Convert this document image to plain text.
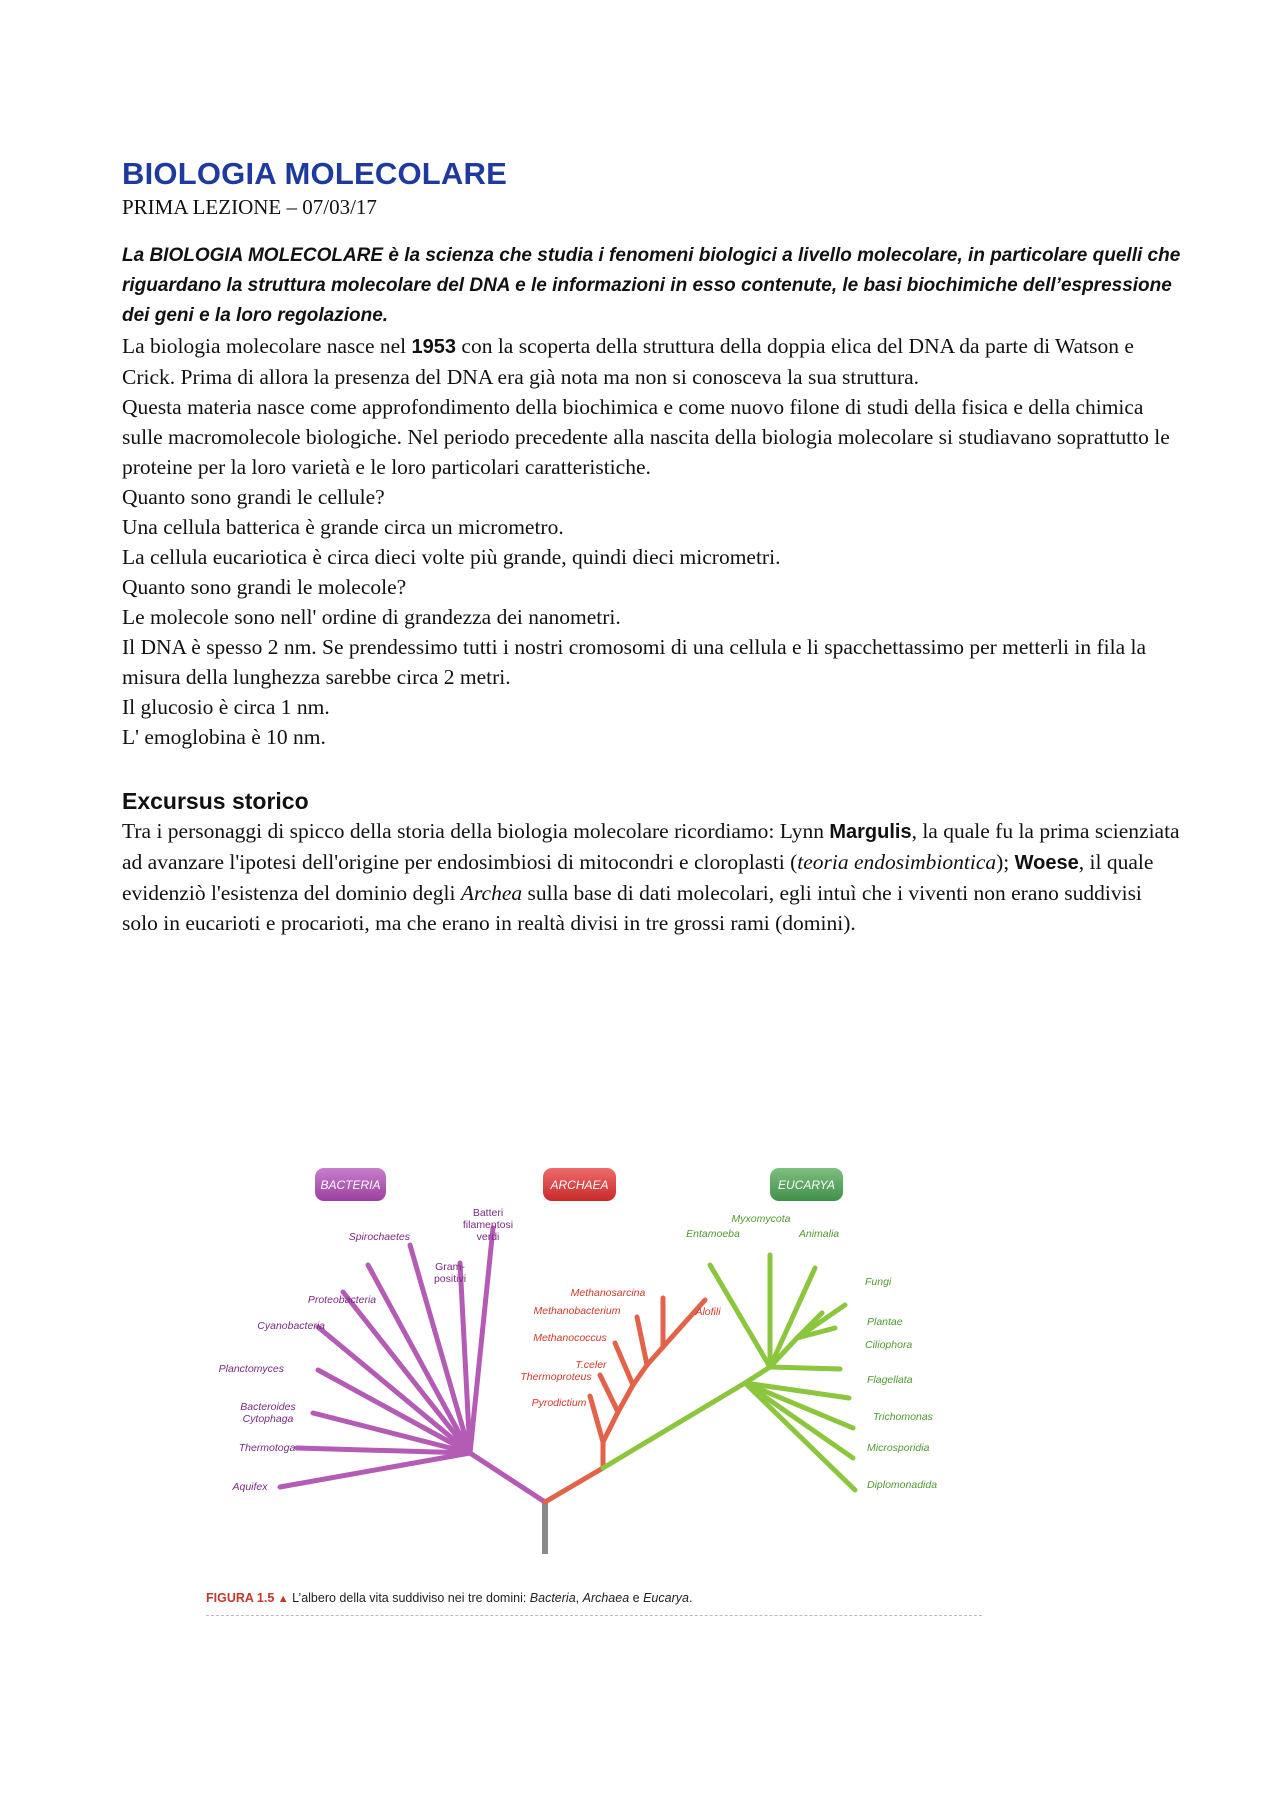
BIOLOGIA MOLECOLARE

PRIMA LEZIONE – 07/03/17

La BIOLOGIA MOLECOLARE è la scienza che studia i fenomeni biologici a livello molecolare, in particolare quelli che riguardano la struttura molecolare del DNA e le informazioni in esso contenute, le basi biochimiche dell’espressione dei geni e la loro regolazione.

La biologia molecolare nasce nel 1953 con la scoperta della struttura della doppia elica del DNA da parte di Watson e Crick. Prima di allora la presenza del DNA era già nota ma non si conosceva la sua struttura.

Questa materia nasce come approfondimento della biochimica e come nuovo filone di studi della fisica e della chimica sulle macromolecole biologiche. Nel periodo precedente alla nascita della biologia molecolare si studiavano soprattutto le proteine per la loro varietà e le loro particolari caratteristiche.

Quanto sono grandi le cellule?

Una cellula batterica è grande circa un micrometro.

La cellula eucariotica è circa dieci volte più grande, quindi dieci micrometri.

Quanto sono grandi le molecole?

Le molecole sono nell' ordine di grandezza dei nanometri.

Il DNA è spesso 2 nm. Se prendessimo tutti i nostri cromosomi di una cellula e li spacchettassimo per metterli in fila la misura della lunghezza sarebbe circa 2 metri.

Il glucosio è circa 1 nm.

L' emoglobina è 10 nm.

Excursus storico

Tra i personaggi di spicco della storia della biologia molecolare ricordiamo: Lynn Margulis, la quale fu la prima scienziata ad avanzare l'ipotesi dell'origine per endosimbiosi di mitocondri e cloroplasti (teoria endosimbiontica); Woese, il quale evidenziò l'esistenza del dominio degli Archea sulla base di dati molecolari, egli intuì che i viventi non erano suddivisi solo in eucarioti e procarioti, ma che erano in realtà divisi in tre grossi rami (domini).

BACTERIA	ARCHAEA	EUCARYA
Batteri
filamentosi
verdi
Spirochaetes
Gram-
positivi
Proteobacteria
Cyanobacteria
Planctomyces
Bacteroides
Cytophaga
Thermotoga
Aquifex
Methanosarcina
Methanobacterium	Alofili
Methanococcus
T.celer
Thermoproteus
Pyrodictium
Myxomycota
Entamoeba	Animalia
Fungi
Plantae
Ciliophora
Flagellata
Trichomonas
Microsporidia
Diplomonadida
FIGURA 1.5 ▲ L’albero della vita suddiviso nei tre domini: Bacteria, Archaea e Eucarya.
